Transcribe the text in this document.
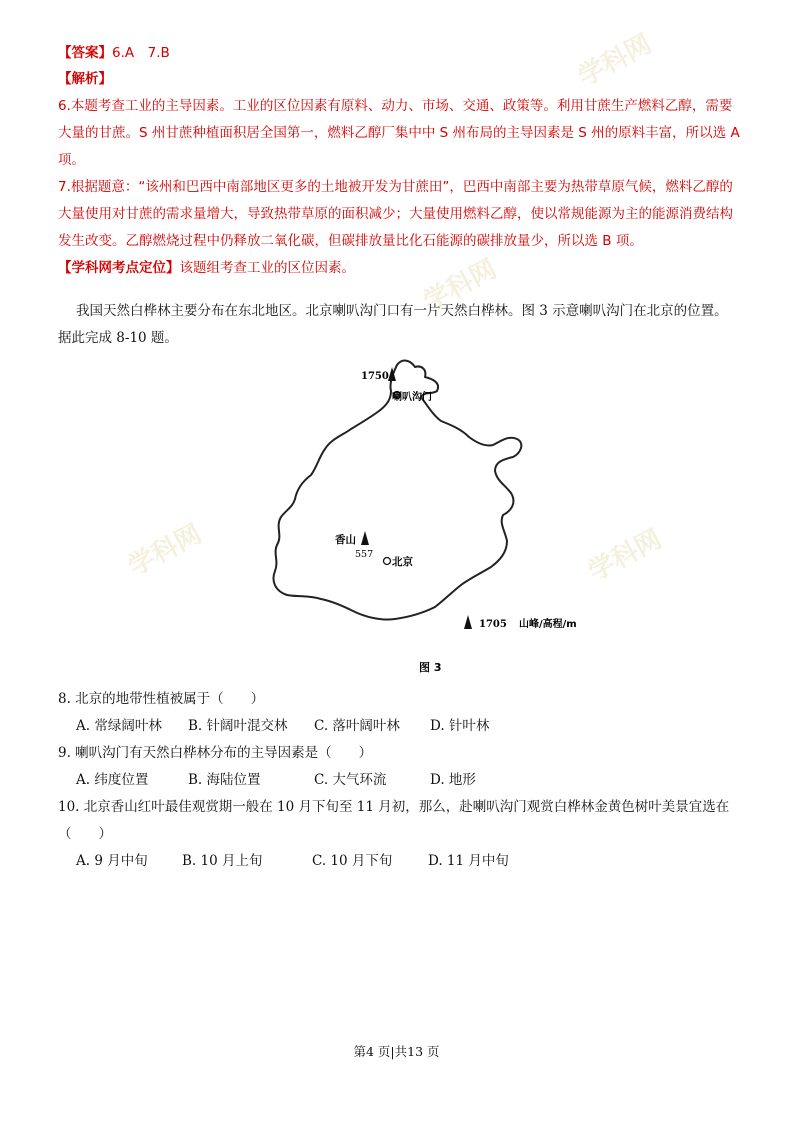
学科网
学科网
学科网	学科网
【答案】6.A　7.B
【解析】
6.本题考查工业的主导因素。工业的区位因素有原料、动力、市场、交通、政策等。利用甘蔗生产燃料乙醇，需要
大量的甘蔗。S 州甘蔗种植面积居全国第一，燃料乙醇厂集中中 S 州布局的主导因素是 S 州的原料丰富，所以选 A
项。
7.根据题意：“该州和巴西中南部地区更多的土地被开发为甘蔗田”，巴西中南部主要为热带草原气候，燃料乙醇的
大量使用对甘蔗的需求量增大，导致热带草原的面积减少；大量使用燃料乙醇，使以常规能源为主的能源消费结构
发生改变。乙醇燃烧过程中仍释放二氧化碳，但碳排放量比化石能源的碳排放量少，所以选 B 项。
【学科网考点定位】该题组考查工业的区位因素。
我国天然白桦林主要分布在东北地区。北京喇叭沟门口有一片天然白桦林。图 3 示意喇叭沟门在北京的位置。
据此完成 8-10 题。
1750
喇叭沟门
香山
557
北京
1705 山峰/高程/m
图 3
8. 北京的地带性植被属于（　　）
A. 常绿阔叶林 B. 针阔叶混交林 C. 落叶阔叶林 D. 针叶林
9. 喇叭沟门有天然白桦林分布的主导因素是（　　）
A. 纬度位置	B. 海陆位置	C. 大气环流	D. 地形
10. 北京香山红叶最佳观赏期一般在 10 月下旬至 11 月初，那么，赴喇叭沟门观赏白桦林金黄色树叶美景宜选在
（　　）
A. 9 月中旬	B. 10 月上旬	C. 10 月下旬	D. 11 月中旬
第4 页|共13 页
